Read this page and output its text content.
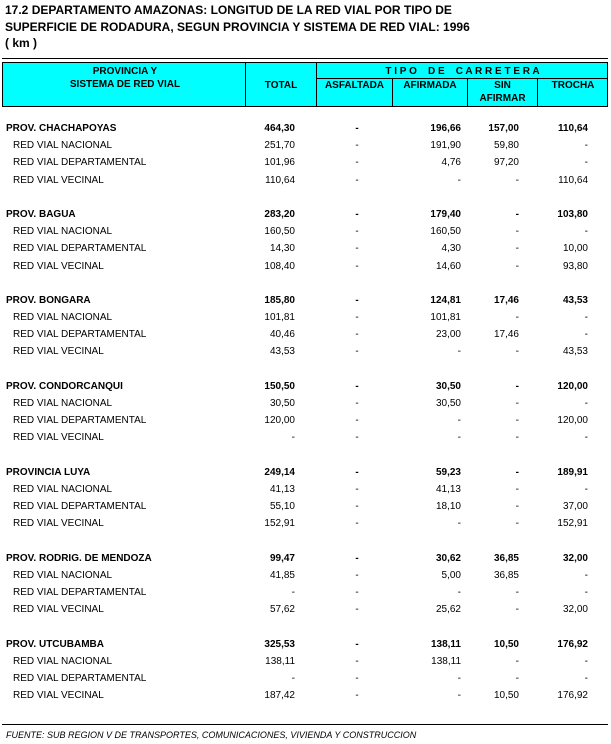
17.2 DEPARTAMENTO AMAZONAS: LONGITUD DE LA RED VIAL POR TIPO DE
SUPERFICIE DE RODADURA, SEGUN PROVINCIA Y SISTEMA DE RED VIAL: 1996
( km )
PROVINCIA Y
SISTEMA DE RED VIAL	TOTAL
T I P O    D E    C A R R E T E R A
ASFALTADA	AFIRMADA	SIN
AFIRMAR
TROCHA
PROV. CHACHAPOYAS	464,30	-	196,66	157,00	110,64
RED VIAL NACIONAL	251,70	-	191,90	59,80	-
RED VIAL DEPARTAMENTAL	101,96	-	4,76	97,20	-
RED VIAL VECINAL	110,64	-	-	-	110,64
PROV. BAGUA	283,20	-	179,40	-	103,80
RED VIAL NACIONAL	160,50	-	160,50	-	-
RED VIAL DEPARTAMENTAL	14,30	-	4,30	-	10,00
RED VIAL VECINAL	108,40	-	14,60	-	93,80
PROV. BONGARA	185,80	-	124,81	17,46	43,53
RED VIAL NACIONAL	101,81	-	101,81	-	-
RED VIAL DEPARTAMENTAL	40,46	-	23,00	17,46	-
RED VIAL VECINAL	43,53	-	-	-	43,53
PROV. CONDORCANQUI	150,50	-	30,50	-	120,00
RED VIAL NACIONAL	30,50	-	30,50	-	-
RED VIAL DEPARTAMENTAL	120,00	-	-	-	120,00
RED VIAL VECINAL	-	-	-	-	-
PROVINCIA LUYA	249,14	-	59,23	-	189,91
RED VIAL NACIONAL	41,13	-	41,13	-	-
RED VIAL DEPARTAMENTAL	55,10	-	18,10	-	37,00
RED VIAL VECINAL	152,91	-	-	-	152,91
PROV. RODRIG. DE MENDOZA	99,47	-	30,62	36,85	32,00
RED VIAL NACIONAL	41,85	-	5,00	36,85	-
RED VIAL DEPARTAMENTAL	-	-	-	-	-
RED VIAL VECINAL	57,62	-	25,62	-	32,00
PROV. UTCUBAMBA	325,53	-	138,11	10,50	176,92
RED VIAL NACIONAL	138,11	-	138,11	-	-
RED VIAL DEPARTAMENTAL	-	-	-	-	-
RED VIAL VECINAL	187,42	-	-	10,50	176,92
FUENTE: SUB REGION V DE TRANSPORTES, COMUNICACIONES, VIVIENDA Y CONSTRUCCION
